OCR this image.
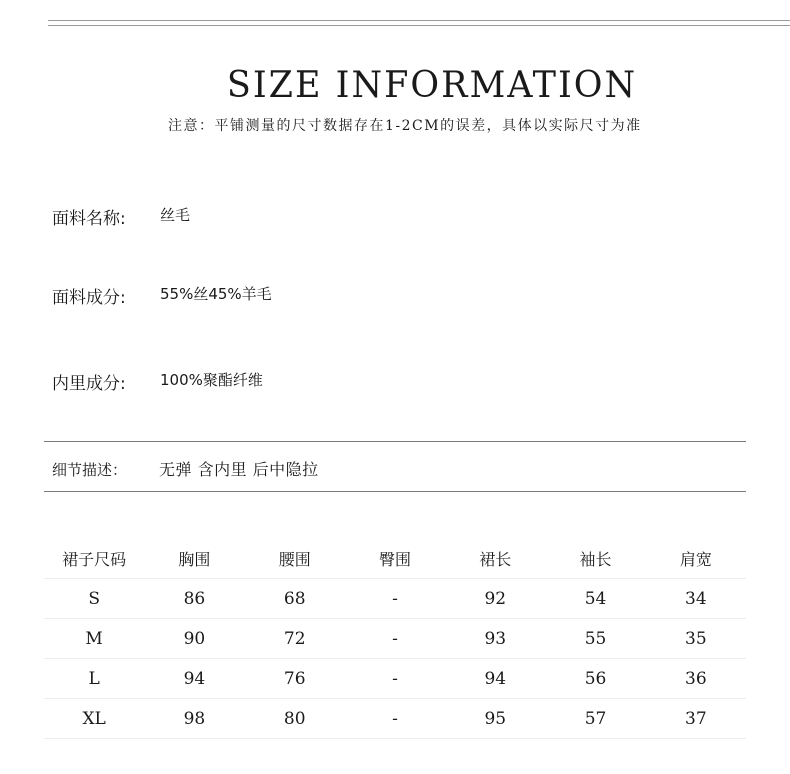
SIZE INFORMATION
注意：平铺测量的尺寸数据存在1-2CM的误差，具体以实际尺寸为准
面料名称: 丝毛
面料成分: 55%丝45%羊毛
内里成分: 100%聚酯纤维
细节描述： 无弹 含内里 后中隐拉
裙子尺码	胸围	腰围	臀围	裙长	袖长	肩宽
S	86	68	-	92	54	34
M	90	72	-	93	55	35
L	94	76	-	94	56	36
XL	98	80	-	95	57	37
